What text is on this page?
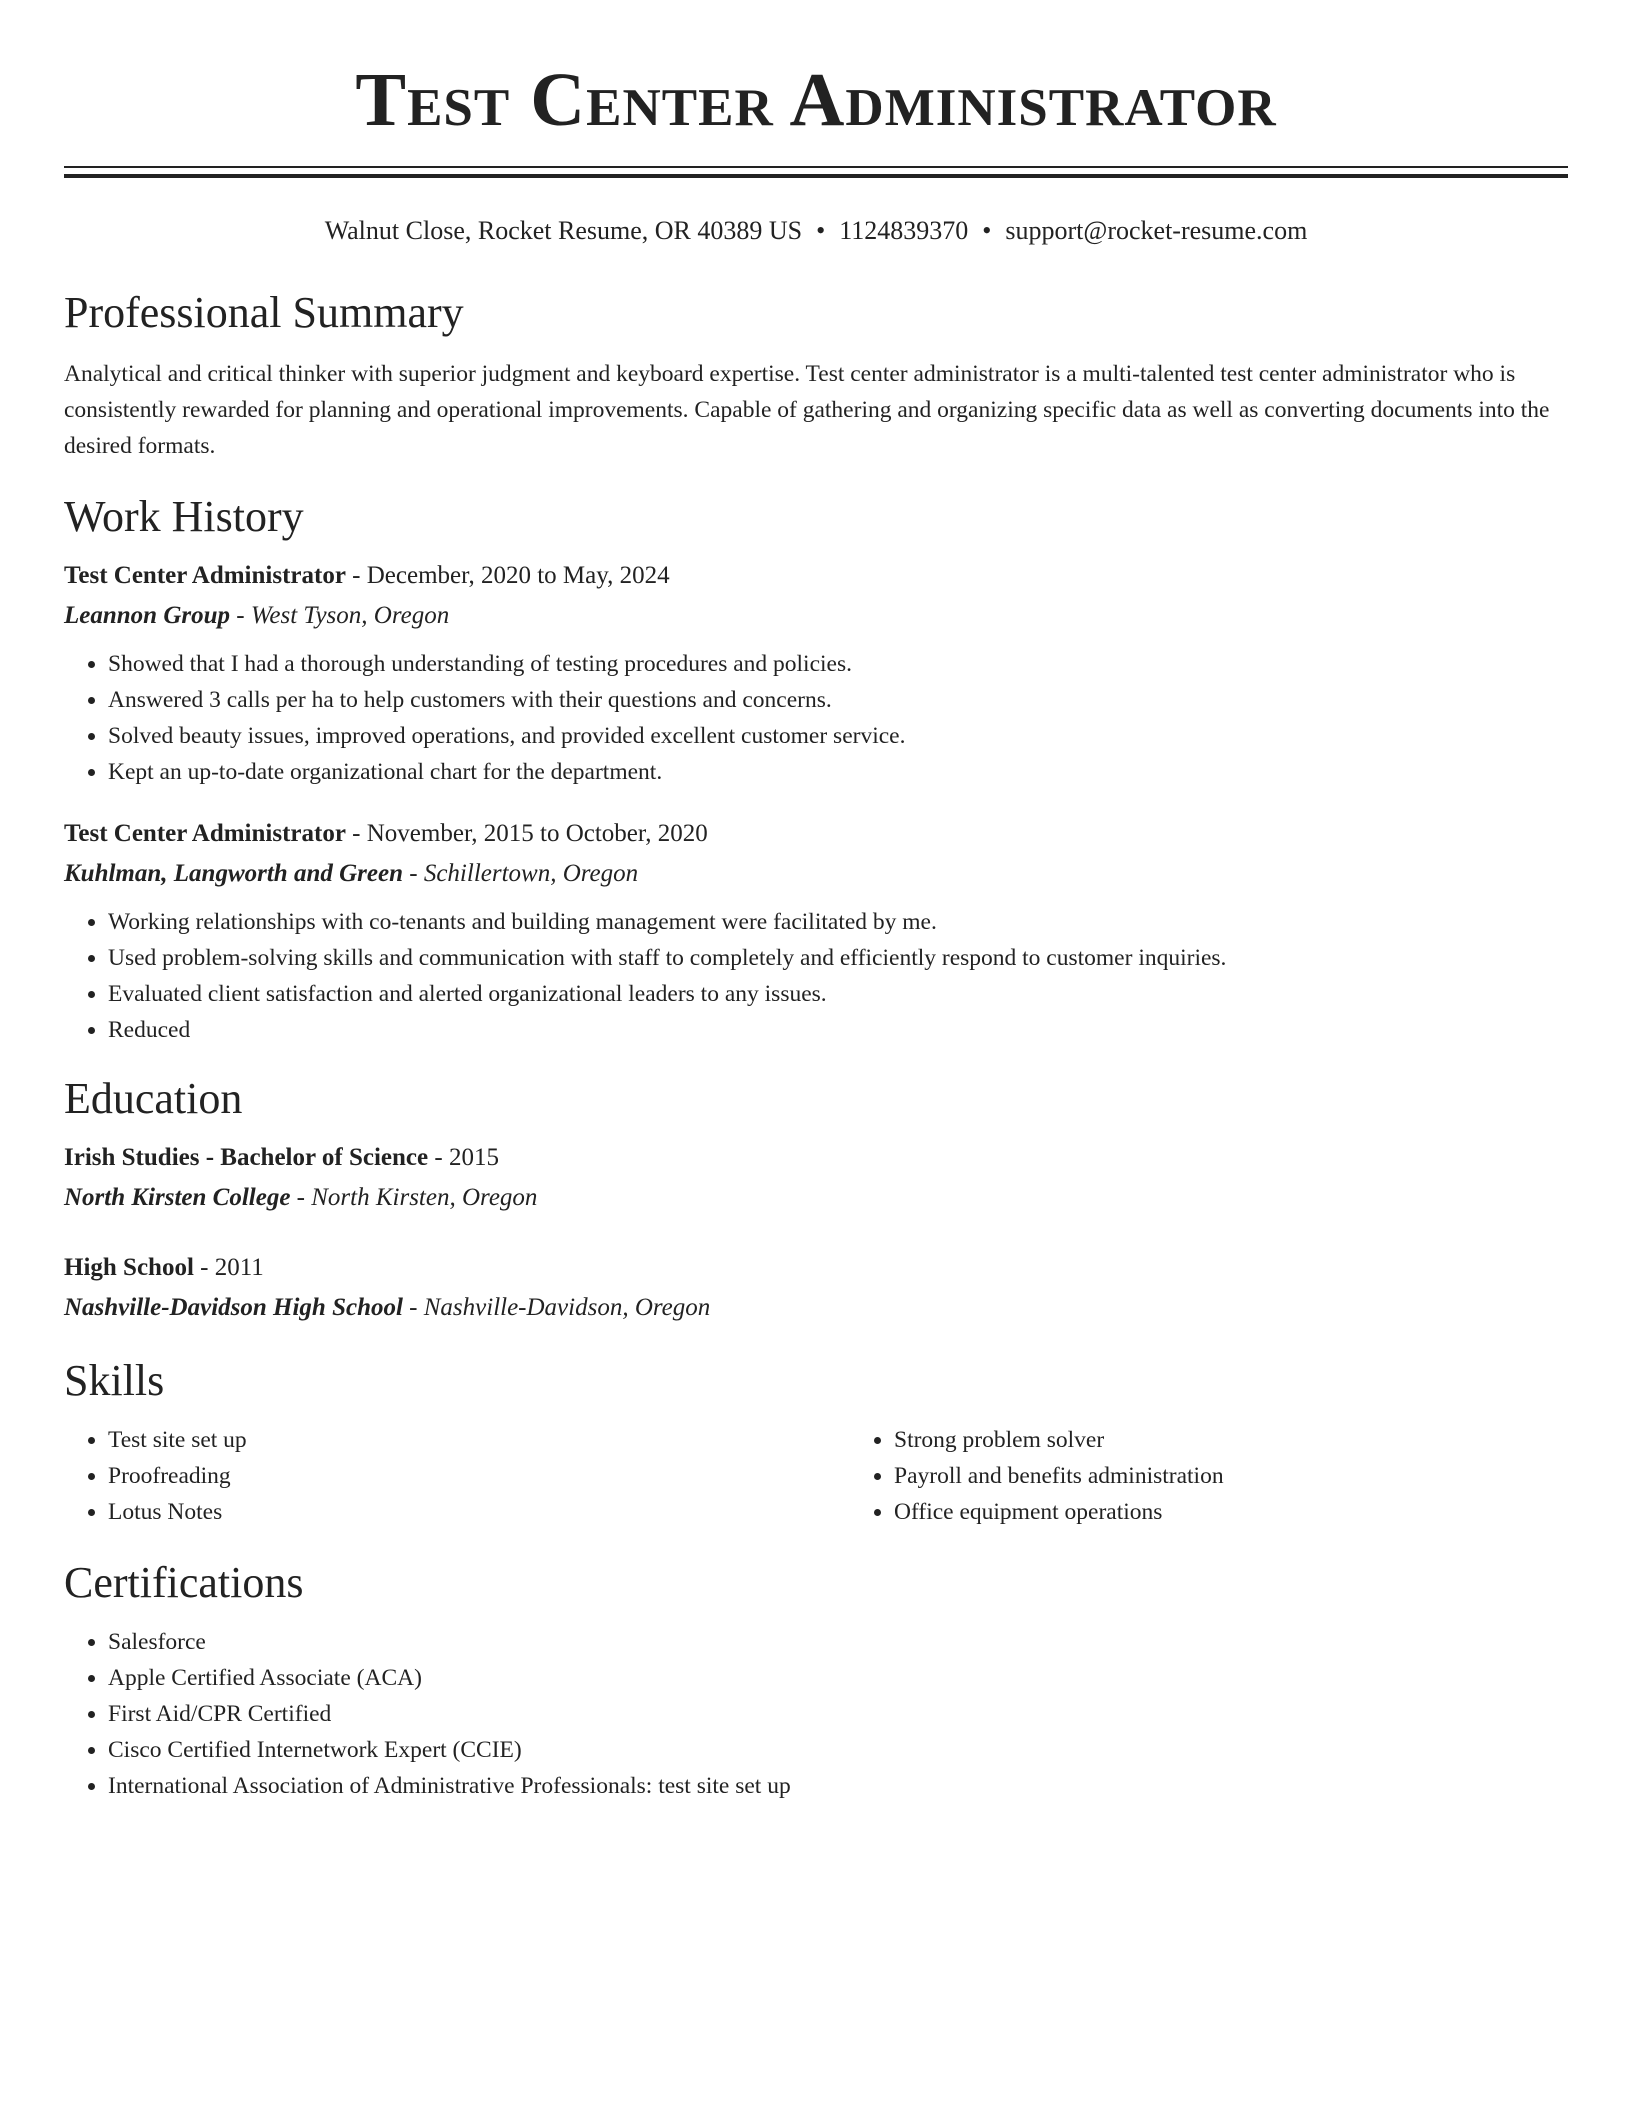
Test Center Administrator
Walnut Close, Rocket Resume, OR 40389 US • 1124839370 • support@rocket-resume.com
Professional Summary

Analytical and critical thinker with superior judgment and keyboard expertise. Test center administrator is a multi-talented test center administrator who is consistently rewarded for planning and operational improvements. Capable of gathering and organizing specific data as well as converting documents into the desired formats.

Work History
Test Center Administrator - December, 2020 to May, 2024
Leannon Group - West Tyson, Oregon
• Showed that I had a thorough understanding of testing procedures and policies.
• Answered 3 calls per ha to help customers with their questions and concerns.
• Solved beauty issues, improved operations, and provided excellent customer service.
• Kept an up-to-date organizational chart for the department.
Test Center Administrator - November, 2015 to October, 2020
Kuhlman, Langworth and Green - Schillertown, Oregon
• Working relationships with co-tenants and building management were facilitated by me.
• Used problem-solving skills and communication with staff to completely and efficiently respond to customer inquiries.
• Evaluated client satisfaction and alerted organizational leaders to any issues.
• Reduced
Education
Irish Studies - Bachelor of Science - 2015
North Kirsten College - North Kirsten, Oregon
High School - 2011
Nashville-Davidson High School - Nashville-Davidson, Oregon
Skills
• Test site set up
• Proofreading
• Lotus Notes
• Strong problem solver
• Payroll and benefits administration
• Office equipment operations
Certifications
• Salesforce
• Apple Certified Associate (ACA)
• First Aid/CPR Certified
• Cisco Certified Internetwork Expert (CCIE)
• International Association of Administrative Professionals: test site set up
